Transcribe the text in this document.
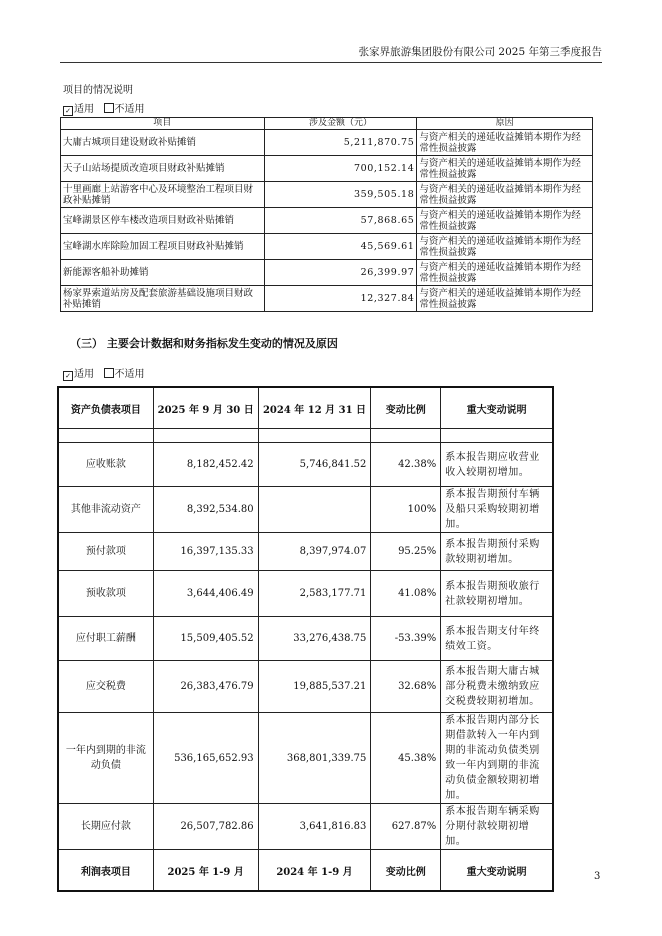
张家界旅游集团股份有限公司 2025 年第三季度报告
项目的情况说明
✓ 适用 不适用
项目	涉及金额（元）	原因
大庸古城项目建设财政补贴摊销	5,211,870.75	与资产相关的递延收益摊销本期作为经常性损益披露
天子山站场提质改造项目财政补贴摊销	700,152.14	与资产相关的递延收益摊销本期作为经常性损益披露
十里画廊上站游客中心及环境整治工程项目财政补贴摊销	359,505.18	与资产相关的递延收益摊销本期作为经常性损益披露
宝峰湖景区停车楼改造项目财政补贴摊销	57,868.65	与资产相关的递延收益摊销本期作为经常性损益披露
宝峰湖水库除险加固工程项目财政补贴摊销	45,569.61	与资产相关的递延收益摊销本期作为经常性损益披露
新能源客船补助摊销	26,399.97	与资产相关的递延收益摊销本期作为经常性损益披露
杨家界索道站房及配套旅游基础设施项目财政补贴摊销	12,327.84	与资产相关的递延收益摊销本期作为经常性损益披露
（三） 主要会计数据和财务指标发生变动的情况及原因
✓ 适用 不适用
资产负债表项目	2025 年 9 月 30 日	2024 年 12 月 31 日	变动比例	重大变动说明

应收账款	8,182,452.42	5,746,841.52	42.38%	系本报告期应收营业收入较期初增加。
其他非流动资产	8,392,534.80		100%	系本报告期预付车辆及船只采购较期初增加。
预付款项	16,397,135.33	8,397,974.07	95.25%	系本报告期预付采购款较期初增加。
预收款项	3,644,406.49	2,583,177.71	41.08%	系本报告期预收旅行社款较期初增加。
应付职工薪酬	15,509,405.52	33,276,438.75	-53.39%	系本报告期支付年终绩效工资。
应交税费	26,383,476.79	19,885,537.21	32.68%	系本报告期大庸古城部分税费未缴纳致应交税费较期初增加。
一年内到期的非流动负债	536,165,652.93	368,801,339.75	45.38%	系本报告期内部分长期借款转入一年内到期的非流动负债类别致一年内到期的非流动负债金额较期初增加。
长期应付款	26,507,782.86	3,641,816.83	627.87%	系本报告期车辆采购分期付款较期初增加。
利润表项目	2025 年 1-9 月	2024 年 1-9 月	变动比例	重大变动说明	3
